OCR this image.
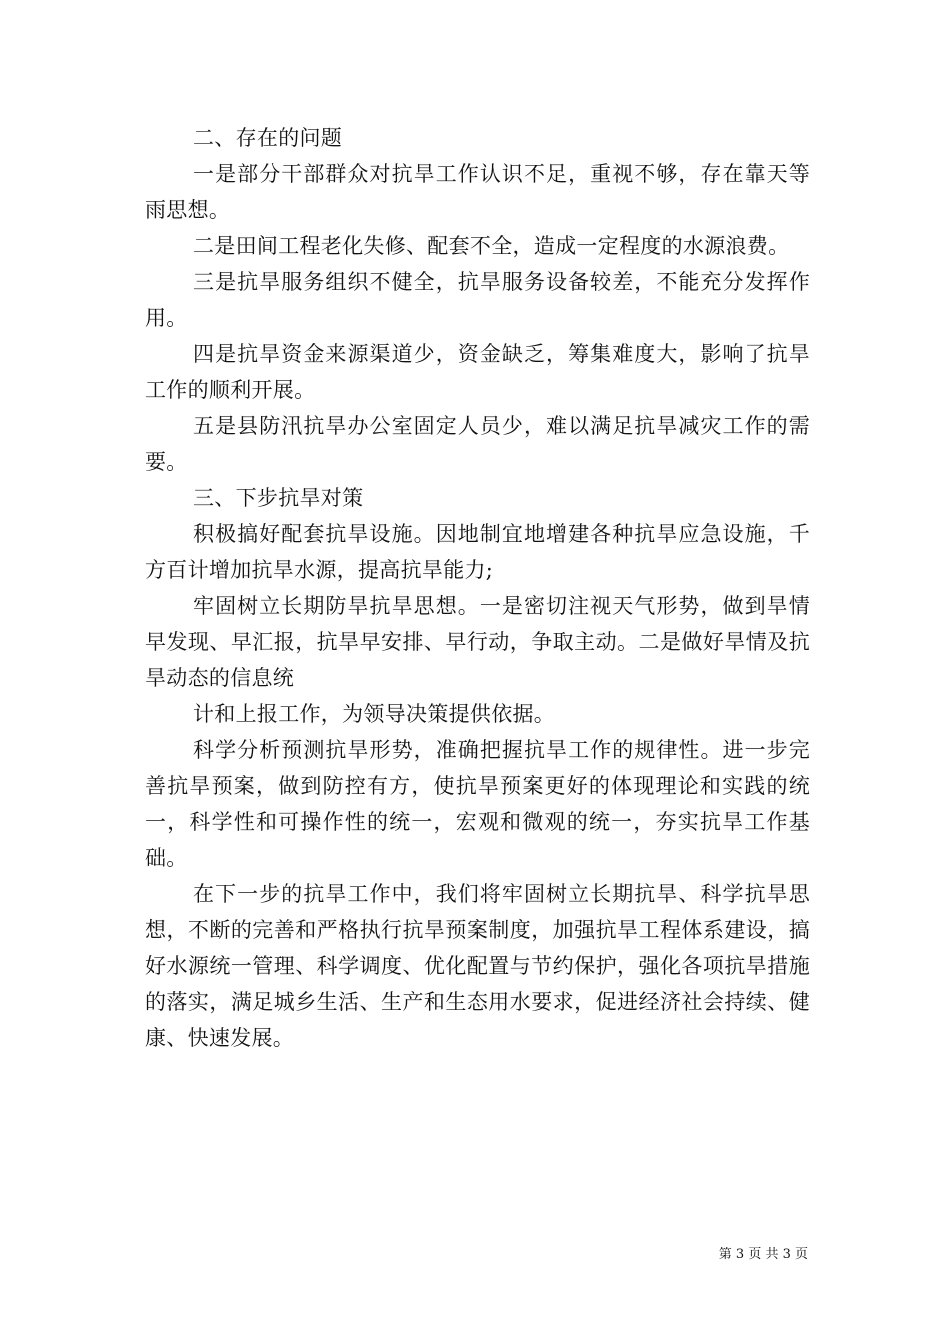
二、存在的问题

一是部分干部群众对抗旱工作认识不足，重视不够，存在靠天等雨思想。

二是田间工程老化失修、配套不全，造成一定程度的水源浪费。

三是抗旱服务组织不健全，抗旱服务设备较差，不能充分发挥作用。

四是抗旱资金来源渠道少，资金缺乏，筹集难度大，影响了抗旱工作的顺利开展。

五是县防汛抗旱办公室固定人员少，难以满足抗旱减灾工作的需要。

三、下步抗旱对策

积极搞好配套抗旱设施。因地制宜地增建各种抗旱应急设施，千方百计增加抗旱水源，提高抗旱能力;

牢固树立长期防旱抗旱思想。一是密切注视天气形势，做到旱情早发现、早汇报，抗旱早安排、早行动，争取主动。二是做好旱情及抗旱动态的信息统

计和上报工作，为领导决策提供依据。

科学分析预测抗旱形势，准确把握抗旱工作的规律性。进一步完善抗旱预案，做到防控有方，使抗旱预案更好的体现理论和实践的统一，科学性和可操作性的统一，宏观和微观的统一，夯实抗旱工作基础。

在下一步的抗旱工作中，我们将牢固树立长期抗旱、科学抗旱思想，不断的完善和严格执行抗旱预案制度，加强抗旱工程体系建设，搞好水源统一管理、科学调度、优化配置与节约保护，强化各项抗旱措施的落实，满足城乡生活、生产和生态用水要求，促进经济社会持续、健康、快速发展。

第 3 页 共 3 页
